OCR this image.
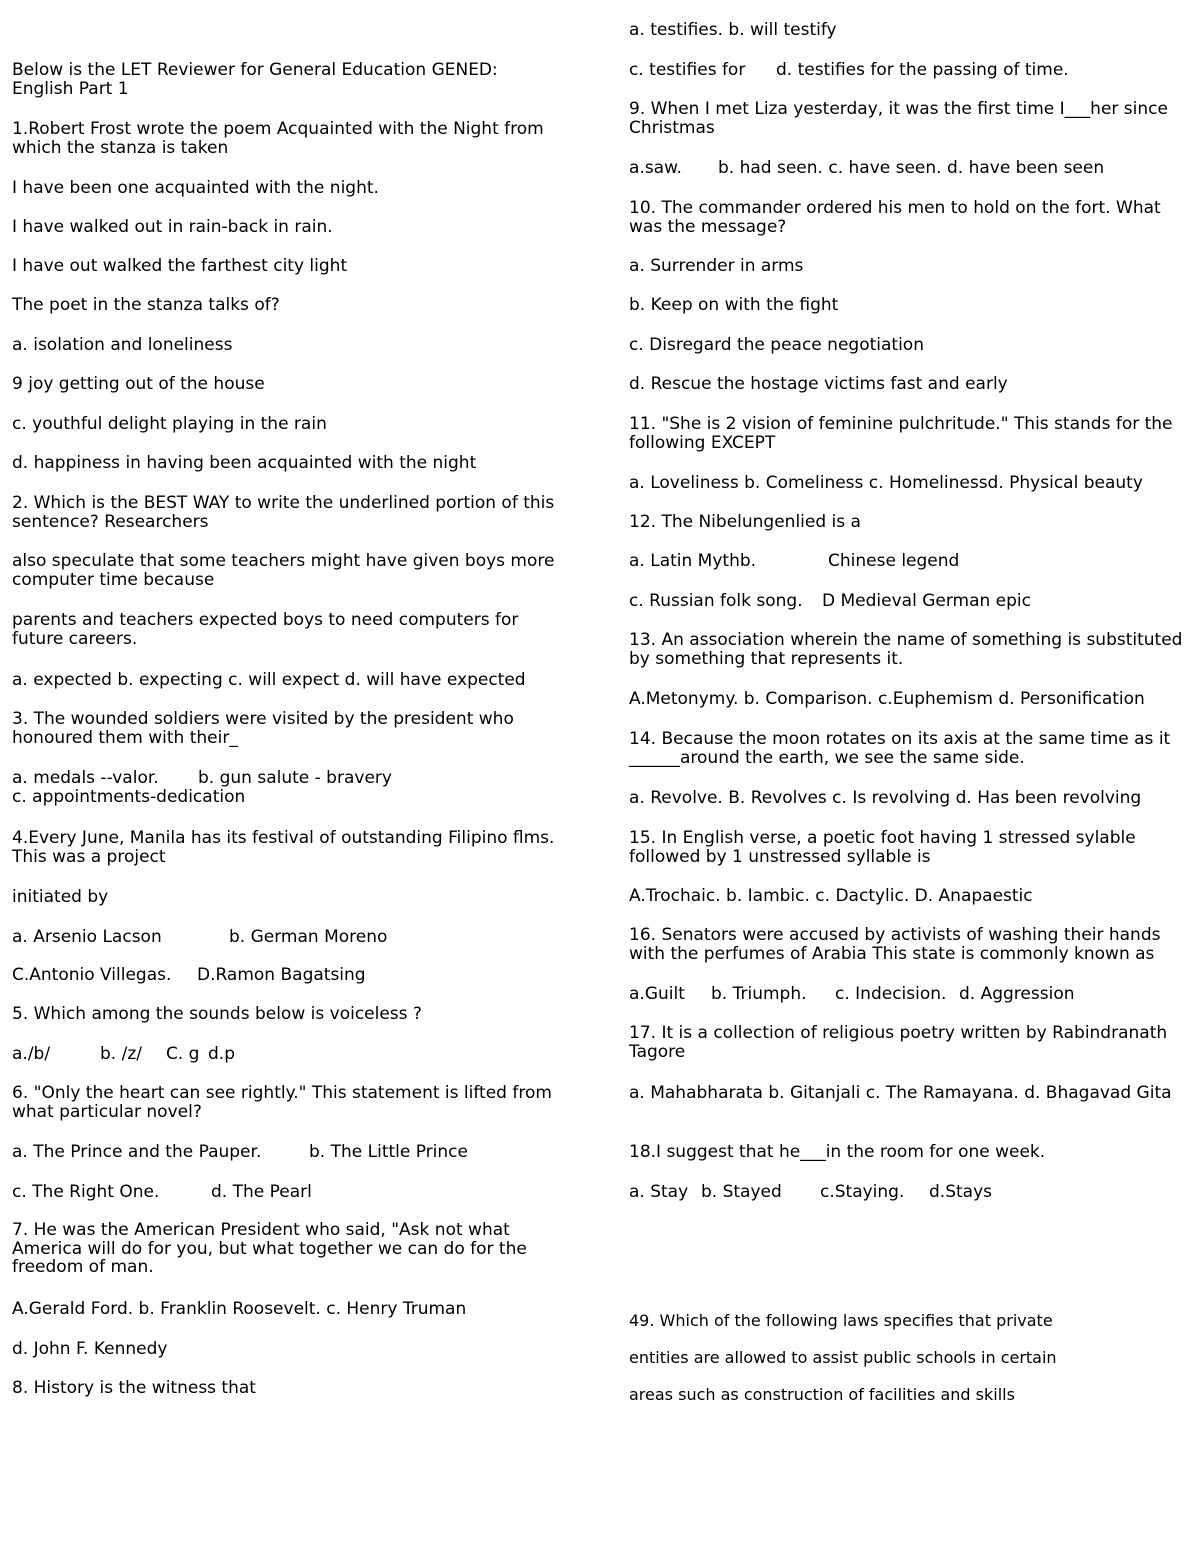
Below is the LET Reviewer for General Education GENED: English Part 1
1.Robert Frost wrote the poem Acquainted with the Night from which the stanza is taken
I have been one acquainted with the night.
I have walked out in rain-back in rain.
I have out walked the farthest city light
The poet in the stanza talks of?
a. isolation and loneliness
9 joy getting out of the house
c. youthful delight playing in the rain
d. happiness in having been acquainted with the night
2. Which is the BEST WAY to write the underlined portion of this sentence? Researchers
also speculate that some teachers might have given boys more computer time because
parents and teachers expected boys to need computers for future careers.
a. expected b. expecting c. will expect d. will have expected
3. The wounded soldiers were visited by the president who honoured them with their_
a. medals --valor. b. gun salute - bravery
c. appointments-dedication
4.Every June, Manila has its festival of outstanding Filipino flms. This was a project
initiated by
a. Arsenio Lacson	b. German Moreno
C.Antonio Villegas. D.Ramon Bagatsing
5. Which among the sounds below is voiceless ?
a./b/	b. /z/ C. g d.p
6. "Only the heart can see rightly." This statement is lifted from what particular novel?
a. The Prince and the Pauper.	b. The Little Prince
c. The Right One.	d. The Pearl
7. He was the American President who said, "Ask not what America will do for you, but what together we can do for the freedom of man.
A.Gerald Ford. b. Franklin Roosevelt. c. Henry Truman
d. John F. Kennedy
8. History is the witness that
a. testifies. b. will testify
c. testifies for d. testifies for the passing of time.
9. When I met Liza yesterday, it was the first time I___her since Christmas
a.saw. b. had seen. c. have seen. d. have been seen
10. The commander ordered his men to hold on the fort. What was the message?
a. Surrender in arms
b. Keep on with the fight
c. Disregard the peace negotiation
d. Rescue the hostage victims fast and early
11. "She is 2 vision of feminine pulchritude." This stands for the following EXCEPT
a. Loveliness b. Comeliness c. Homelinessd. Physical beauty
12. The Nibelungenlied is a
a. Latin Mythb.	Chinese legend
c. Russian folk song. D Medieval German epic
13. An association wherein the name of something is substituted by something that represents it.
A.Metonymy. b. Comparison. c.Euphemism d. Personification
14. Because the moon rotates on its axis at the same time as it ______around the earth, we see the same side.
a. Revolve. B. Revolves c. Is revolving d. Has been revolving
15. In English verse, a poetic foot having 1 stressed sylable followed by 1 unstressed syllable is
A.Trochaic. b. Iambic. c. Dactylic. D. Anapaestic
16. Senators were accused by activists of washing their hands with the perfumes of Arabia This state is commonly known as
a.Guilt b. Triumph. c. Indecision. d. Aggression
17. It is a collection of religious poetry written by Rabindranath Tagore
a. Mahabharata b. Gitanjali c. The Ramayana. d. Bhagavad Gita
18.I suggest that he___in the room for one week.
a. Stay b. Stayed c.Staying. d.Stays
49. Which of the following laws specifies that private
entities are allowed to assist public schools in certain
areas such as construction of facilities and skills
